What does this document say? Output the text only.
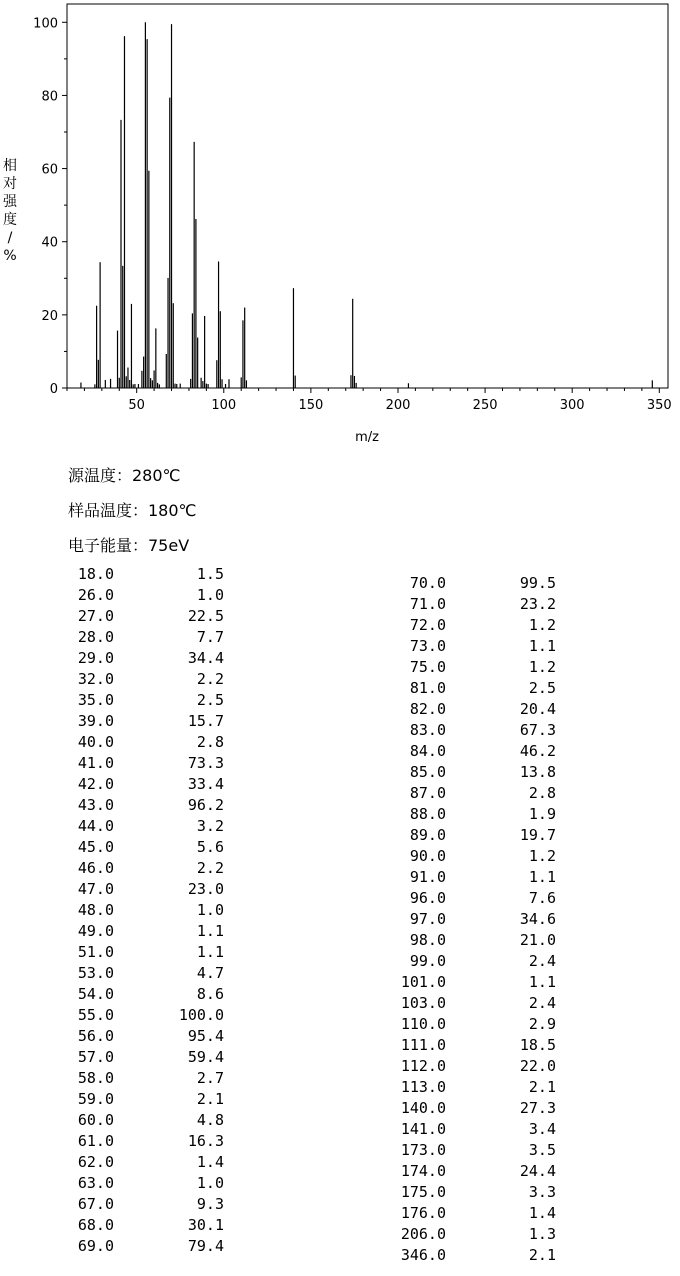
50	100	150	200	250	300	350
0
20
40
60
80
100
m/z
相对强度/ %
源温度：280℃
样品温度：180℃
电子能量：75eV
18.0	1.5
26.0	1.0
27.0	22.5
28.0	7.7
29.0	34.4
32.0	2.2
35.0	2.5
39.0	15.7
40.0	2.8
41.0	73.3
42.0	33.4
43.0	96.2
44.0	3.2
45.0	5.6
46.0	2.2
47.0	23.0
48.0	1.0
49.0	1.1
51.0	1.1
53.0	4.7
54.0	8.6
55.0	100.0
56.0	95.4
57.0	59.4
58.0	2.7
59.0	2.1
60.0	4.8
61.0	16.3
62.0	1.4
63.0	1.0
67.0	9.3
68.0	30.1
69.0	79.4
70.0	99.5
71.0	23.2
72.0	1.2
73.0	1.1
75.0	1.2
81.0	2.5
82.0	20.4
83.0	67.3
84.0	46.2
85.0	13.8
87.0	2.8
88.0	1.9
89.0	19.7
90.0	1.2
91.0	1.1
96.0	7.6
97.0	34.6
98.0	21.0
99.0	2.4
101.0	1.1
103.0	2.4
110.0	2.9
111.0	18.5
112.0	22.0
113.0	2.1
140.0	27.3
141.0	3.4
173.0	3.5
174.0	24.4
175.0	3.3
176.0	1.4
206.0	1.3
346.0	2.1
